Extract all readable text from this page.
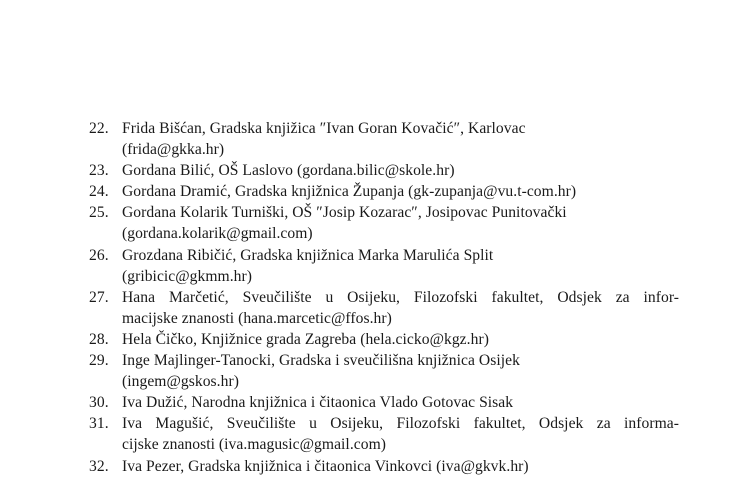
22. Frida Bišćan, Gradska knjižica ″Ivan Goran Kovačić″, Karlovac
(frida@gkka.hr)
23. Gordana Bilić, OŠ Laslovo (gordana.bilic@skole.hr)
24. Gordana Dramić, Gradska knjižnica Županja (gk-zupanja@vu.t-com.hr)
25. Gordana Kolarik Turniški, OŠ ″Josip Kozarac″, Josipovac Punitovački
(gordana.kolarik@gmail.com)
26. Grozdana Ribičić, Gradska knjižnica Marka Marulića Split
(gribicic@gkmm.hr)
27. Hana Marčetić, Sveučilište u Osijeku, Filozofski fakultet, Odsjek za infor-
macijske znanosti (hana.marcetic@ffos.hr)
28. Hela Čičko, Knjižnice grada Zagreba (hela.cicko@kgz.hr)
29. Inge Majlinger-Tanocki, Gradska i sveučilišna knjižnica Osijek
(ingem@gskos.hr)
30. Iva Dužić, Narodna knjižnica i čitaonica Vlado Gotovac Sisak
31. Iva Magušić, Sveučilište u Osijeku, Filozofski fakultet, Odsjek za informa-
cijske znanosti (iva.magusic@gmail.com)
32. Iva Pezer, Gradska knjižnica i čitaonica Vinkovci (iva@gkvk.hr)
